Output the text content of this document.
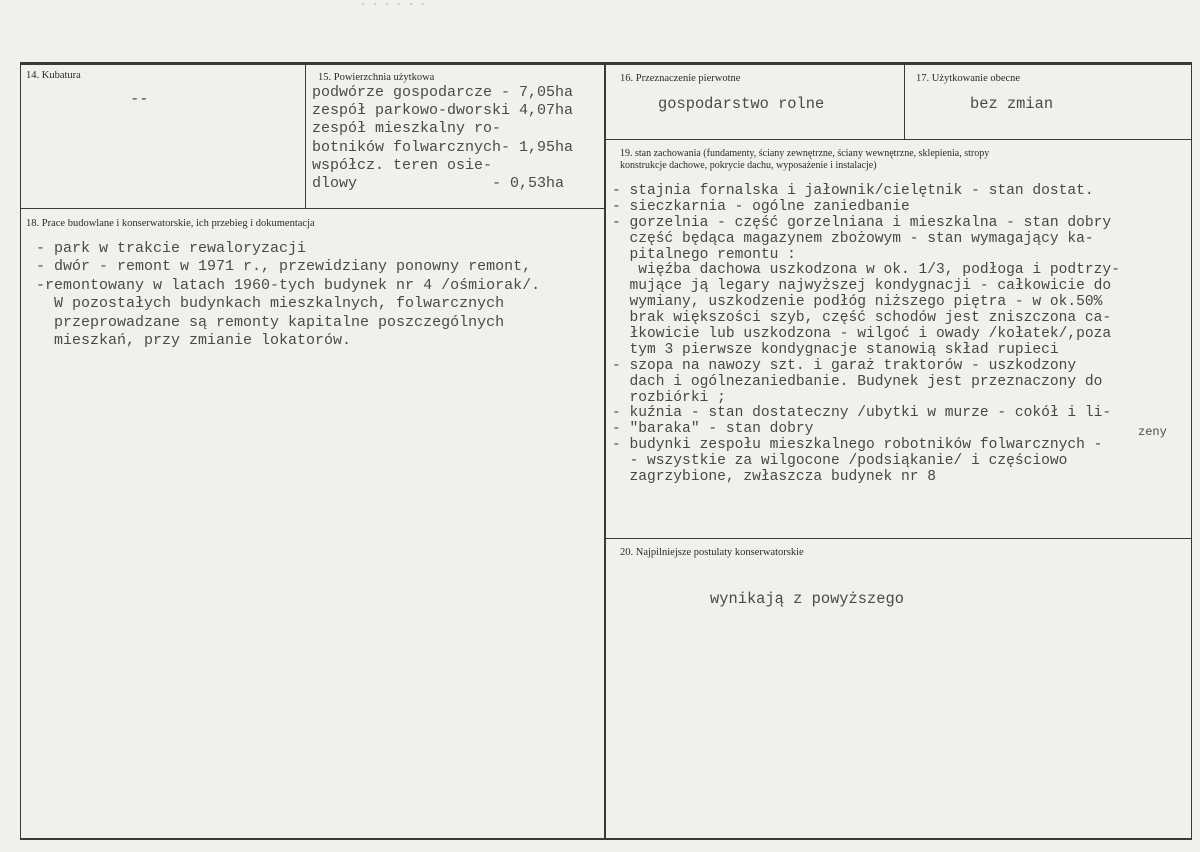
· · · - - -
14. Kubatura
--
15. Powierzchnia użytkowa
podwórze gospodarcze - 7,05ha
zespół parkowo-dworski 4,07ha
zespół mieszkalny ro-
botników folwarcznych- 1,95ha
współcz. teren osie-
dlowy               - 0,53ha
16. Przeznaczenie pierwotne
gospodarstwo rolne
17. Użytkowanie obecne
bez zmian
18. Prace budowlane i konserwatorskie, ich przebieg i dokumentacja
- park w trakcie rewaloryzacji
- dwór - remont w 1971 r., przewidziany ponowny remont,
-remontowany w latach 1960-tych budynek nr 4 /ośmiorak/.
W pozostałych budynkach mieszkalnych, folwarcznych
przeprowadzane są remonty kapitalne poszczególnych
mieszkań, przy zmianie lokatorów.
19. stan zachowania (fundamenty, ściany zewnętrzne, ściany wewnętrzne, sklepienia, stropy
konstrukcje dachowe, pokrycie dachu, wyposażenie i instalacje)
- stajnia fornalska i jałownik/cielętnik - stan dostat.
- sieczkarnia - ogólne zaniedbanie
- gorzelnia - część gorzelniana i mieszkalna - stan dobry
część będąca magazynem zbożowym - stan wymagający ka-
pitalnego remontu :
więźba dachowa uszkodzona w ok. 1/3, podłoga i podtrzy-
mujące ją legary najwyższej kondygnacji - całkowicie do
wymiany, uszkodzenie podłóg niższego piętra - w ok.50%
brak większości szyb, część schodów jest zniszczona ca-
łkowicie lub uszkodzona - wilgoć i owady /kołatek/,poza
tym 3 pierwsze kondygnacje stanowią skład rupieci
- szopa na nawozy szt. i garaż traktorów - uszkodzony
dach i ogólnezaniedbanie. Budynek jest przeznaczony do
rozbiórki ;
- kuźnia - stan dostateczny /ubytki w murze - cokół i li-
- "baraka" - stan dobry
- budynki zespołu mieszkalnego robotników folwarcznych -
- wszystkie za wilgocone /podsiąkanie/ i częściowo
zagrzybione, zwłaszcza budynek nr 8
zeny
20. Najpilniejsze postulaty konserwatorskie
wynikają z powyższego
